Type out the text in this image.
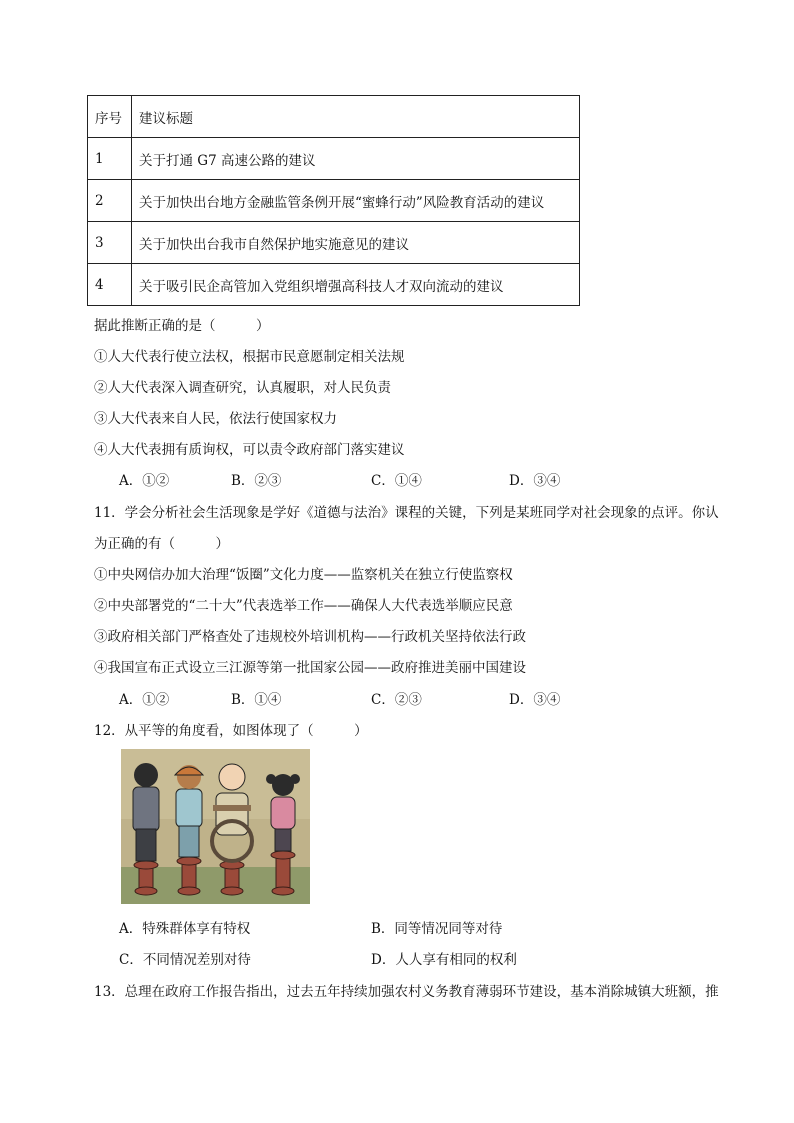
序号	建议标题
1	关于打通 G7 高速公路的建议
2	关于加快出台地方金融监管条例开展“蜜蜂行动”风险教育活动的建议
3	关于加快出台我市自然保护地实施意见的建议
4	关于吸引民企高管加入党组织增强高科技人才双向流动的建议
据此推断正确的是（　　　）
①人大代表行使立法权，根据市民意愿制定相关法规
②人大代表深入调查研究，认真履职，对人民负责
③人大代表来自人民，依法行使国家权力
④人大代表拥有质询权，可以责令政府部门落实建议
A．①②	B．②③	C．①④	D．③④
11．学会分析社会生活现象是学好《道德与法治》课程的关键，下列是某班同学对社会现象的点评。你认
为正确的有（　　　）
①中央网信办加大治理“饭圈”文化力度——监察机关在独立行使监察权
②中央部署党的“二十大”代表选举工作——确保人大代表选举顺应民意
③政府相关部门严格查处了违规校外培训机构——行政机关坚持依法行政
④我国宣布正式设立三江源等第一批国家公园——政府推进美丽中国建设
A．①②	B．①④	C．②③	D．③④
12．从平等的角度看，如图体现了（　　　）
A．特殊群体享有特权	B．同等情况同等对待
C．不同情况差别对待	D．人人享有相同的权利
13．总理在政府工作报告指出，过去五年持续加强农村义务教育薄弱环节建设，基本消除城镇大班额，推
